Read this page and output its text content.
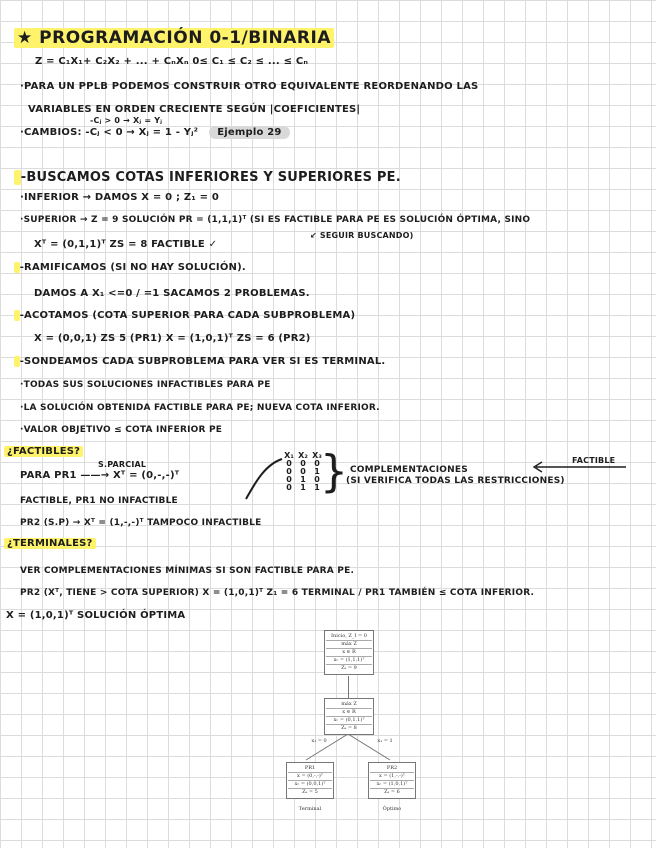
★ PROGRAMACIÓN 0-1/BINARIA
Z = C₁X₁+ C₂X₂ + ... + CₙXₙ 0≤ C₁ ≤ C₂ ≤ ... ≤ Cₙ
·PARA UN PPLB PODEMOS CONSTRUIR OTRO EQUIVALENTE REORDENANDO LAS
VARIABLES EN ORDEN CRECIENTE SEGÚN |COEFICIENTES|
-Cⱼ > 0 → Xⱼ = Yⱼ
·CAMBIOS: -Cⱼ < 0 → Xⱼ = 1 - Yⱼ² Ejemplo 29
-BUSCAMOS COTAS INFERIORES Y SUPERIORES PE.
·INFERIOR → DAMOS X = 0 ; Z₁ = 0
·SUPERIOR → Z = 9 SOLUCIÓN PR = (1,1,1)ᵀ (SI ES FACTIBLE PARA PE ES SOLUCIÓN ÓPTIMA, SINO
↙ SEGUIR BUSCANDO)
Xᵀ = (0,1,1)ᵀ ZS = 8 FACTIBLE ✓
-RAMIFICAMOS (SI NO HAY SOLUCIÓN).
DAMOS A X₁ <=0 / =1 SACAMOS 2 PROBLEMAS.
-ACOTAMOS (COTA SUPERIOR PARA CADA SUBPROBLEMA)
X = (0,0,1) ZS 5 (PR1) X = (1,0,1)ᵀ ZS = 6 (PR2)
-SONDEAMOS CADA SUBPROBLEMA PARA VER SI ES TERMINAL.
·TODAS SUS SOLUCIONES INFACTIBLES PARA PE
·LA SOLUCIÓN OBTENIDA FACTIBLE PARA PE; NUEVA COTA INFERIOR.
·VALOR OBJETIVO ≤ COTA INFERIOR PE
¿FACTIBLES?
S.PARCIAL
PARA PR1 ——→ Xᵀ = (0,-,-)ᵀ
X₁ X₂ X₃
0 0 0
0 0 1
0 1 0
0 1 1 } COMPLEMENTACIONES
(SI VERIFICA TODAS LAS RESTRICCIONES)
FACTIBLE
FACTIBLE, PR1 NO INFACTIBLE
PR2 (S.P) → Xᵀ = (1,-,-)ᵀ TAMPOCO INFACTIBLE
¿TERMINALES?
VER COMPLEMENTACIONES MÍNIMAS SI SON FACTIBLE PARA PE.
PR2 (Xᵀ, TIENE > COTA SUPERIOR) X = (1,0,1)ᵀ Z₁ = 6 TERMINAL / PR1 TAMBIÉN ≤ COTA INFERIOR.
X = (1,0,1)ᵀ SOLUCIÓN ÓPTIMA
Inicio, Z_I = 0
máx Z
x ∈ R
xᵣ = (1,1,1)ᵀ
Zₛ = 9
máx Z
x ∈ R
xᵣ = (0,1,1)ᵀ
Zₛ = 8
x₁ = 0	x₁ = 1
PR1
x = (0,-,-)ᵀ
xᵣ = (0,0,1)ᵀ
Zₛ = 5
PR2
x = (1,-,-)ᵀ
xᵣ = (1,0,1)ᵀ
Zₛ = 6
Terminal	Óptimo
